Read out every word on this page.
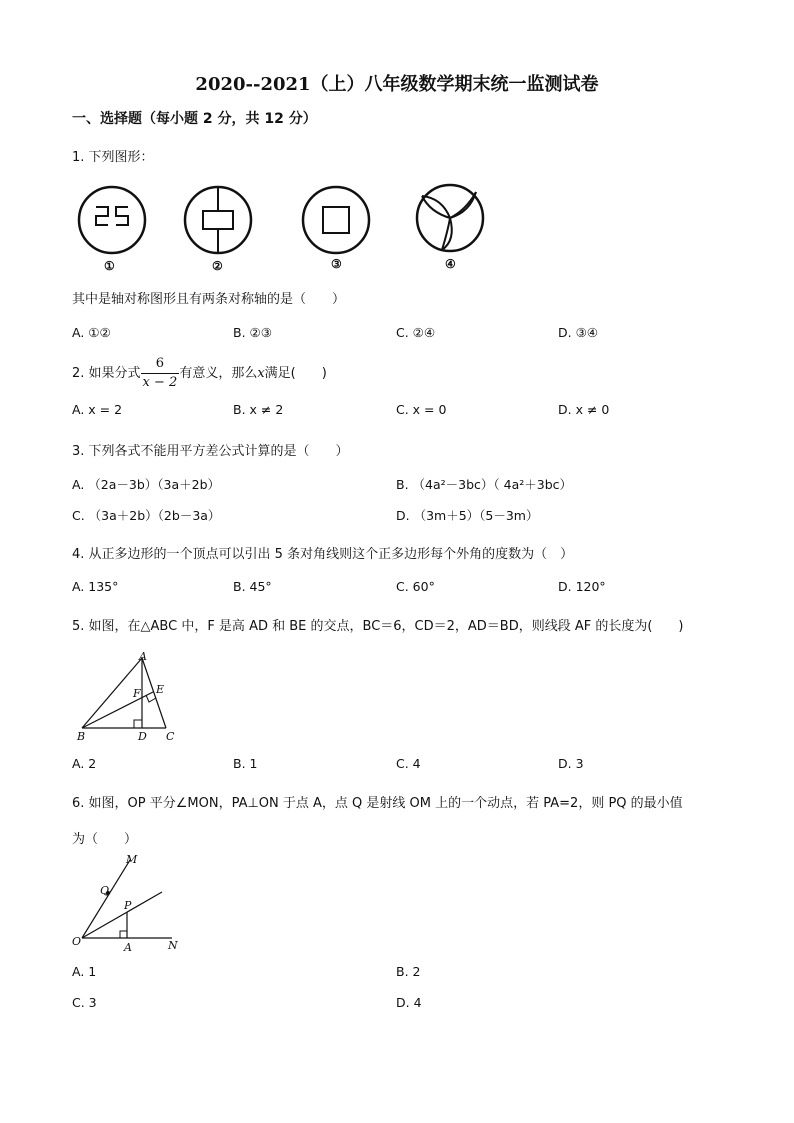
2020--2021（上）八年级数学期末统一监测试卷
一、选择题（每小题 2 分，共 12 分）
1. 下列图形：
①	②	③	④
其中是轴对称图形且有两条对称轴的是（　　）
A. ①②	B. ②③	C. ②④	D. ③④
2. 如果分式 $\frac{6}{x - 2}$ 有意义，那么x满足(　　)
A. x = 2	B. x ≠ 2	C. x = 0	D. x ≠ 0
3. 下列各式不能用平方差公式计算的是（　　）
A. （2a－3b）（3a＋2b）	B. （4a²－3bc）（ 4a²＋3bc）
C. （3a＋2b）（2b－3a）	D. （3m＋5）（5－3m）
4. 从正多边形的一个顶点可以引出 5 条对角线则这个正多边形每个外角的度数为（　）
A. 135°	B. 45°	C. 60°	D. 120°
5. 如图，在△ABC 中，F 是高 AD 和 BE 的交点，BC＝6，CD＝2，AD＝BD，则线段 AF 的长度为(　　)
A
E
F
B	D C
A. 2	B. 1	C. 4	D. 3
6. 如图，OP 平分∠MON，PA⊥ON 于点 A，点 Q 是射线 OM 上的一个动点，若 PA=2，则 PQ 的最小值
为（　　）
M
Q
P
O	A	N
A. 1	B. 2
C. 3	D. 4
